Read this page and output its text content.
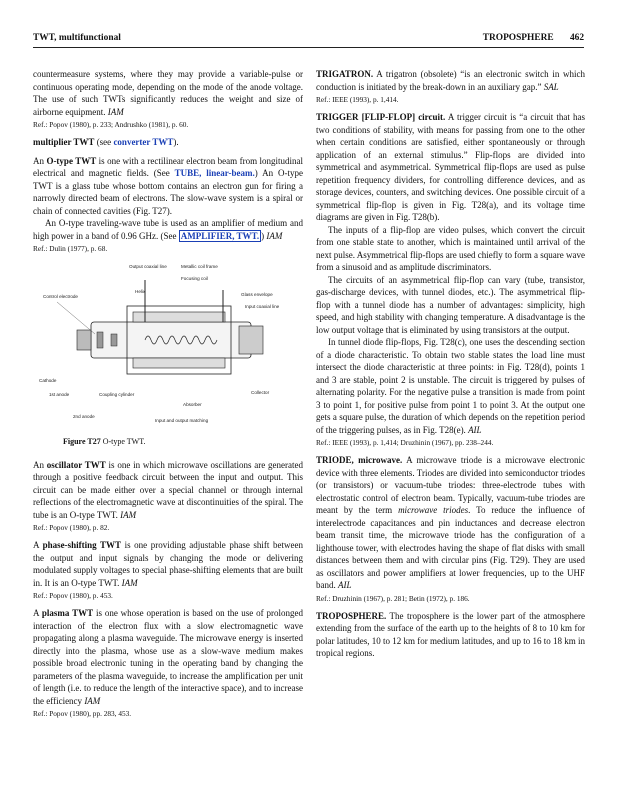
TWT, multifunctional	TROPOSPHERE 462

countermeasure systems, where they may provide a variable-pulse or continuous operating mode, depending on the mode of the anode voltage. The use of such TWTs significantly reduces the weight and size of airborne equipment. IAM

Ref.: Popov (1980), p. 233; Andrushko (1981), p. 60.

multiplier TWT (see converter TWT).

An O-type TWT is one with a rectilinear electron beam from longitudinal electrical and magnetic fields. (See TUBE, linear-beam.) An O-type TWT is a glass tube whose bottom contains an electron gun for firing a narrowly directed beam of electrons. The slow-wave system is a spiral or chain of connected cavities (Fig. T27).

An O-type traveling-wave tube is used as an amplifier of medium and high power in a band of 0.96 GHz. (See AMPLIFIER, TWT. ) IAM

Ref.: Dulin (1977), p. 68.

Output coaxial line	Metallic coil frame
Focusing coil
Control electrode
Helix
Glass envelope
Input coaxial line
Cathode
1st anode	Coupling cylinder	Collector
Absorber
2nd anode
Input and output matching

Figure T27 O-type TWT.

An oscillator TWT is one in which microwave oscillations are generated through a positive feedback circuit between the input and output. This circuit can be made either over a special channel or through internal reflections of the electromagnetic wave at discontinuities of the spiral. The tube is an O-type TWT. IAM

Ref.: Popov (1980), p. 82.

A phase-shifting TWT is one providing adjustable phase shift between the output and input signals by changing the mode or delivering modulated supply voltages to special phase-shifting elements that are built in. It is an O-type TWT. IAM

Ref.: Popov (1980), p. 453.

A plasma TWT is one whose operation is based on the use of prolonged interaction of the electron flux with a slow electromagnetic wave propagating along a plasma waveguide. The microwave energy is inserted directly into the plasma, whose use as a slow-wave medium makes possible broad electronic tuning in the operating band by changing the parameters of the plasma waveguide, to increase the amplification per unit of length (i.e. to reduce the length of the interactive space), and to increase the efficiency IAM

Ref.: Popov (1980), pp. 283, 453.

TRIGATRON. A trigatron (obsolete) “is an electronic switch in which conduction is initiated by the break-down in an auxiliary gap.” SAL

Ref.: IEEE (1993), p. 1,414.

TRIGGER [FLIP-FLOP] circuit. A trigger circuit is “a circuit that has two conditions of stability, with means for passing from one to the other when certain conditions are satisfied, either spontaneously or through application of an external stimulus.” Flip-flops are divided into symmetrical and asymmetrical. Symmetrical flip-flops are used as pulse repetition frequency dividers, for controlling difference devices, and as storage devices, counters, and switching devices. One possible circuit of a symmetrical flip-flop is given in Fig. T28(a), and its voltage time diagrams are given in Fig. T28(b).

The inputs of a flip-flop are video pulses, which convert the circuit from one stable state to another, which is maintained until arrival of the next pulse. Asymmetrical flip-flops are used chiefly to form a square wave from a sinusoid and as amplitude discriminators.

The circuits of an asymmetrical flip-flop can vary (tube, transistor, gas-discharge devices, with tunnel diodes, etc.). The asymmetrical flip-flop with a tunnel diode has a number of advantages: simplicity, high speed, and high stability with changing temperature. A disadvantage is the low output voltage that is eliminated by using transistors at the output.

In tunnel diode flip-flops, Fig. T28(c), one uses the descending section of a diode characteristic. To obtain two stable states the load line must intersect the diode characteristic at three points: in Fig. T28(d), points 1 and 3 are stable, point 2 is unstable. The circuit is triggered by pulses of alternating polarity. For the negative pulse a transition is made from point 3 to point 1, for positive pulse from point 1 to point 3. At the output one gets a square pulse, the duration of which depends on the repetition period of the triggering pulses, as in Fig. T28(e). AIL

Ref.: IEEE (1993), p. 1,414; Druzhinin (1967), pp. 238–244.

TRIODE, microwave. A microwave triode is a microwave electronic device with three elements. Triodes are divided into semiconductor triodes (or transistors) or vacuum-tube triodes: three-electrode tubes with electrostatic control of electron beam. Typically, vacuum-tube triodes are meant by the term microwave triodes. To reduce the influence of interelectrode capacitances and pin inductances and decrease electron beam transit time, the microwave triode has the configuration of a lighthouse tower, with electrodes having the shape of flat disks with small distances between them and with circular pins (Fig. T29). They are used as oscillators and power amplifiers at lower frequencies, up to the UHF band. AIL

Ref.: Druzhinin (1967), p. 281; Betin (1972), p. 186.

TROPOSPHERE. The troposphere is the lower part of the atmosphere extending from the surface of the earth up to the heights of 8 to 10 km for polar latitudes, 10 to 12 km for medium latitudes, and up to 16 to 18 km in tropical regions.
